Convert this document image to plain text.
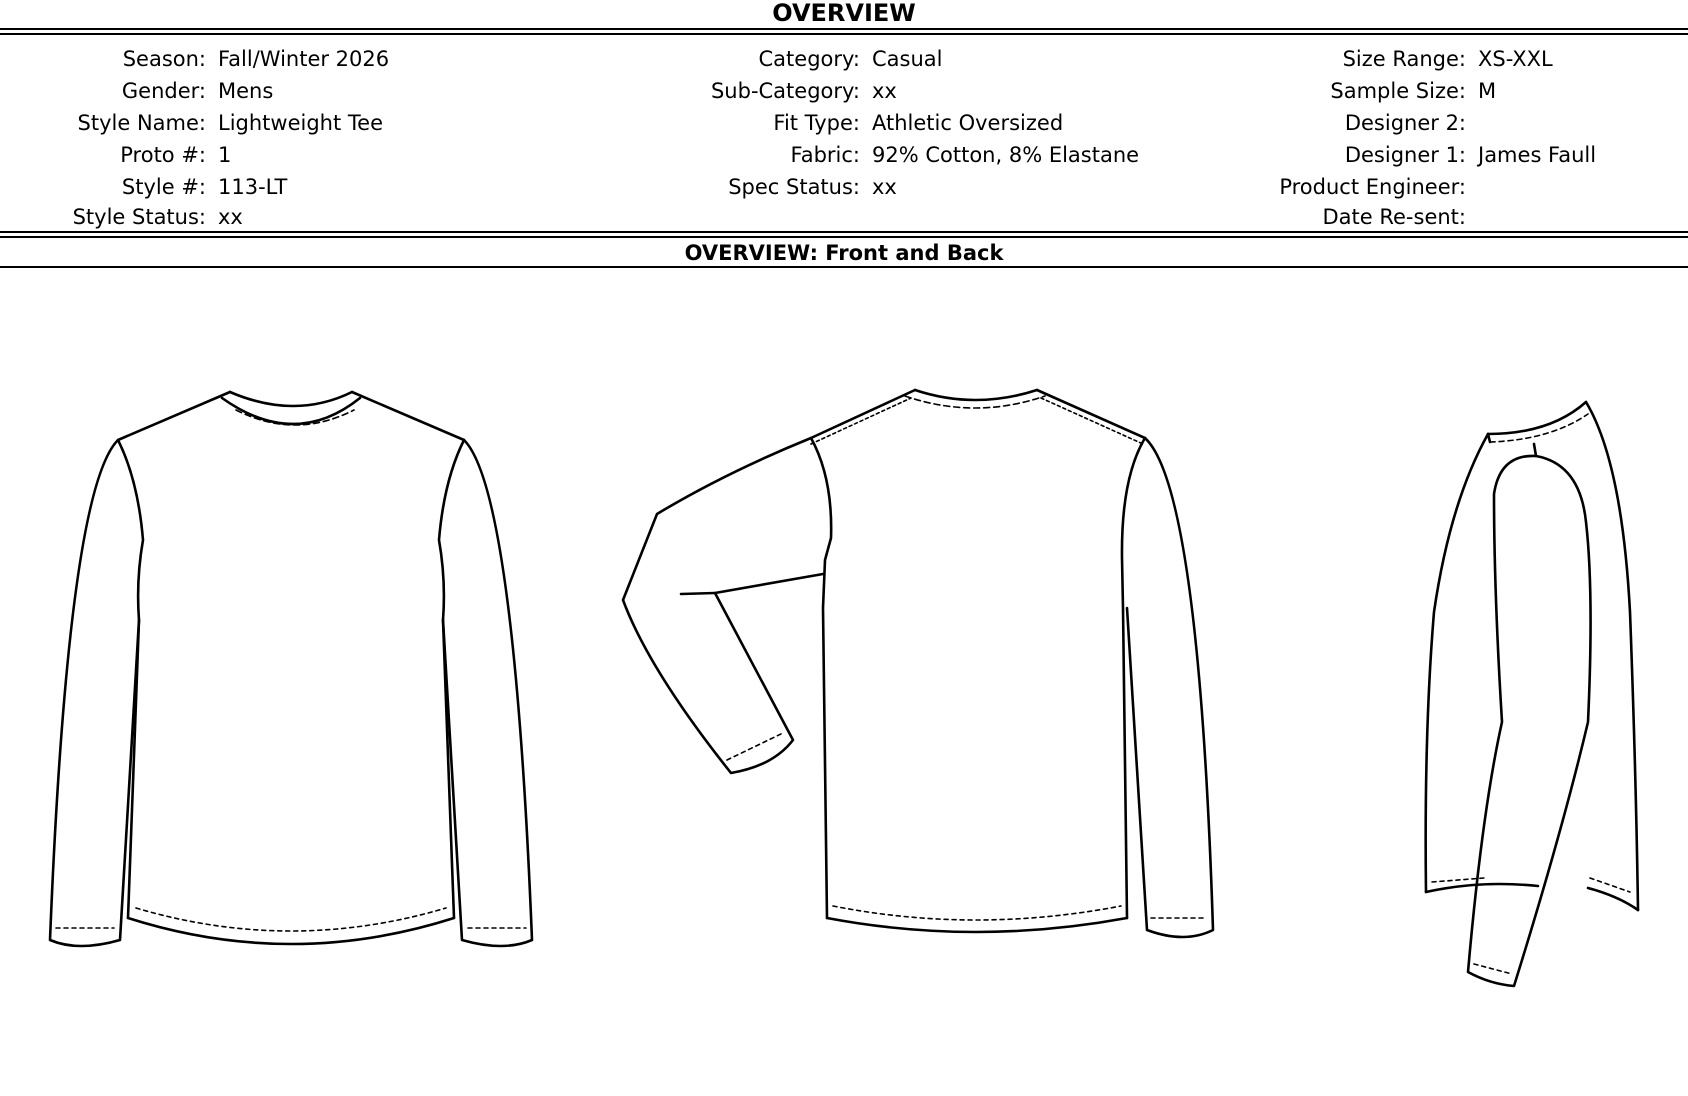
OVERVIEW
Season: Fall/Winter 2026
Gender: Mens
Style Name: Lightweight Tee
Proto #: 1
Style #: 113-LT
Style Status: xx
Category: Casual
Sub-Category: xx
Fit Type: Athletic Oversized
Fabric: 92% Cotton, 8% Elastane
Spec Status: xx
Size Range: XS-XXL
Sample Size: M
Designer 2:
Designer 1: James Faull
Product Engineer:
Date Re-sent:
OVERVIEW: Front and Back
